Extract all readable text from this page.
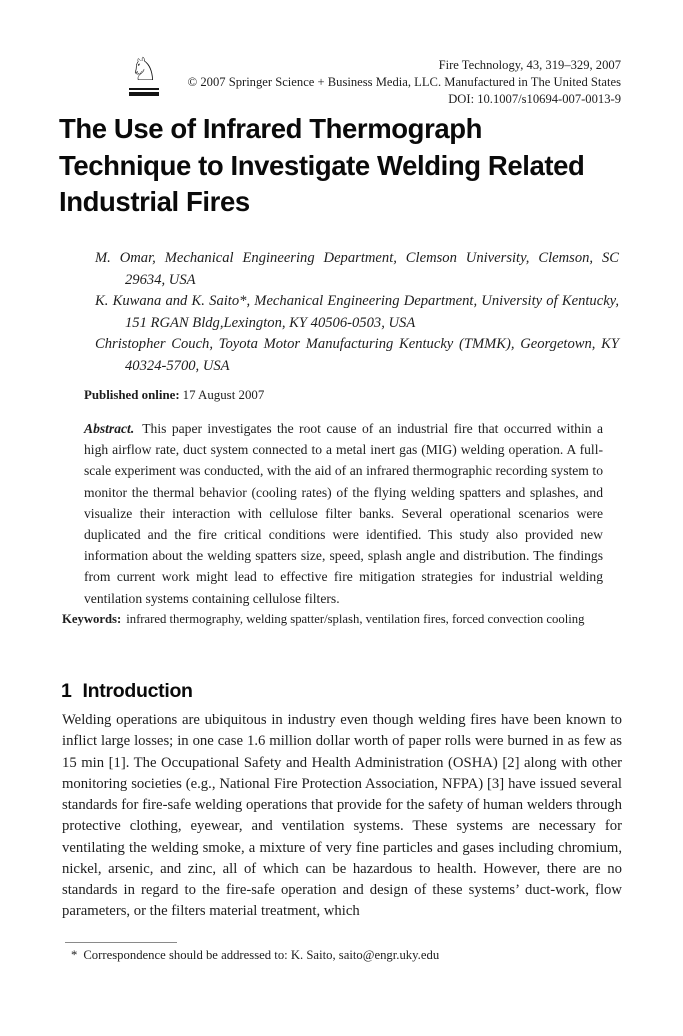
♘	Fire Technology, 43, 319–329, 2007
© 2007 Springer Science + Business Media, LLC. Manufactured in The United States
DOI: 10.1007/s10694-007-0013-9
The Use of Infrared Thermograph
Technique to Investigate Welding Related
Industrial Fires
M. Omar, Mechanical Engineering Department, Clemson University, Clemson, SC 29634, USA
K. Kuwana and K. Saito*, Mechanical Engineering Department, University of Kentucky, 151 RGAN Bldg,Lexington, KY 40506-0503, USA
Christopher Couch, Toyota Motor Manufacturing Kentucky (TMMK), Georgetown, KY 40324-5700, USA
Published online: 17 August 2007

Abstract. This paper investigates the root cause of an industrial fire that occurred within a high airflow rate, duct system connected to a metal inert gas (MIG) welding operation. A full-scale experiment was conducted, with the aid of an infrared thermographic recording system to monitor the thermal behavior (cooling rates) of the flying welding spatters and splashes, and visualize their interaction with cellulose filter banks. Several operational scenarios were duplicated and the fire critical conditions were identified. This study also provided new information about the welding spatters size, speed, splash angle and distribution. The findings from current work might lead to effective fire mitigation strategies for industrial welding ventilation systems containing cellulose filters.

Keywords: infrared thermography, welding spatter/splash, ventilation fires, forced convection cooling
1 Introduction

Welding operations are ubiquitous in industry even though welding fires have been known to inflict large losses; in one case 1.6 million dollar worth of paper rolls were burned in as few as 15 min [1]. The Occupational Safety and Health Administration (OSHA) [2] along with other monitoring societies (e.g., National Fire Protection Association, NFPA) [3] have issued several standards for fire-safe welding operations that provide for the safety of human welders through protective clothing, eyewear, and ventilation systems. These systems are necessary for ventilating the welding smoke, a mixture of very fine particles and gases including chromium, nickel, arsenic, and zinc, all of which can be hazardous to health. However, there are no standards in regard to the fire-safe operation and design of these systems’ duct-work, flow parameters, or the filters material treatment, which

* Correspondence should be addressed to: K. Saito, saito@engr.uky.edu
